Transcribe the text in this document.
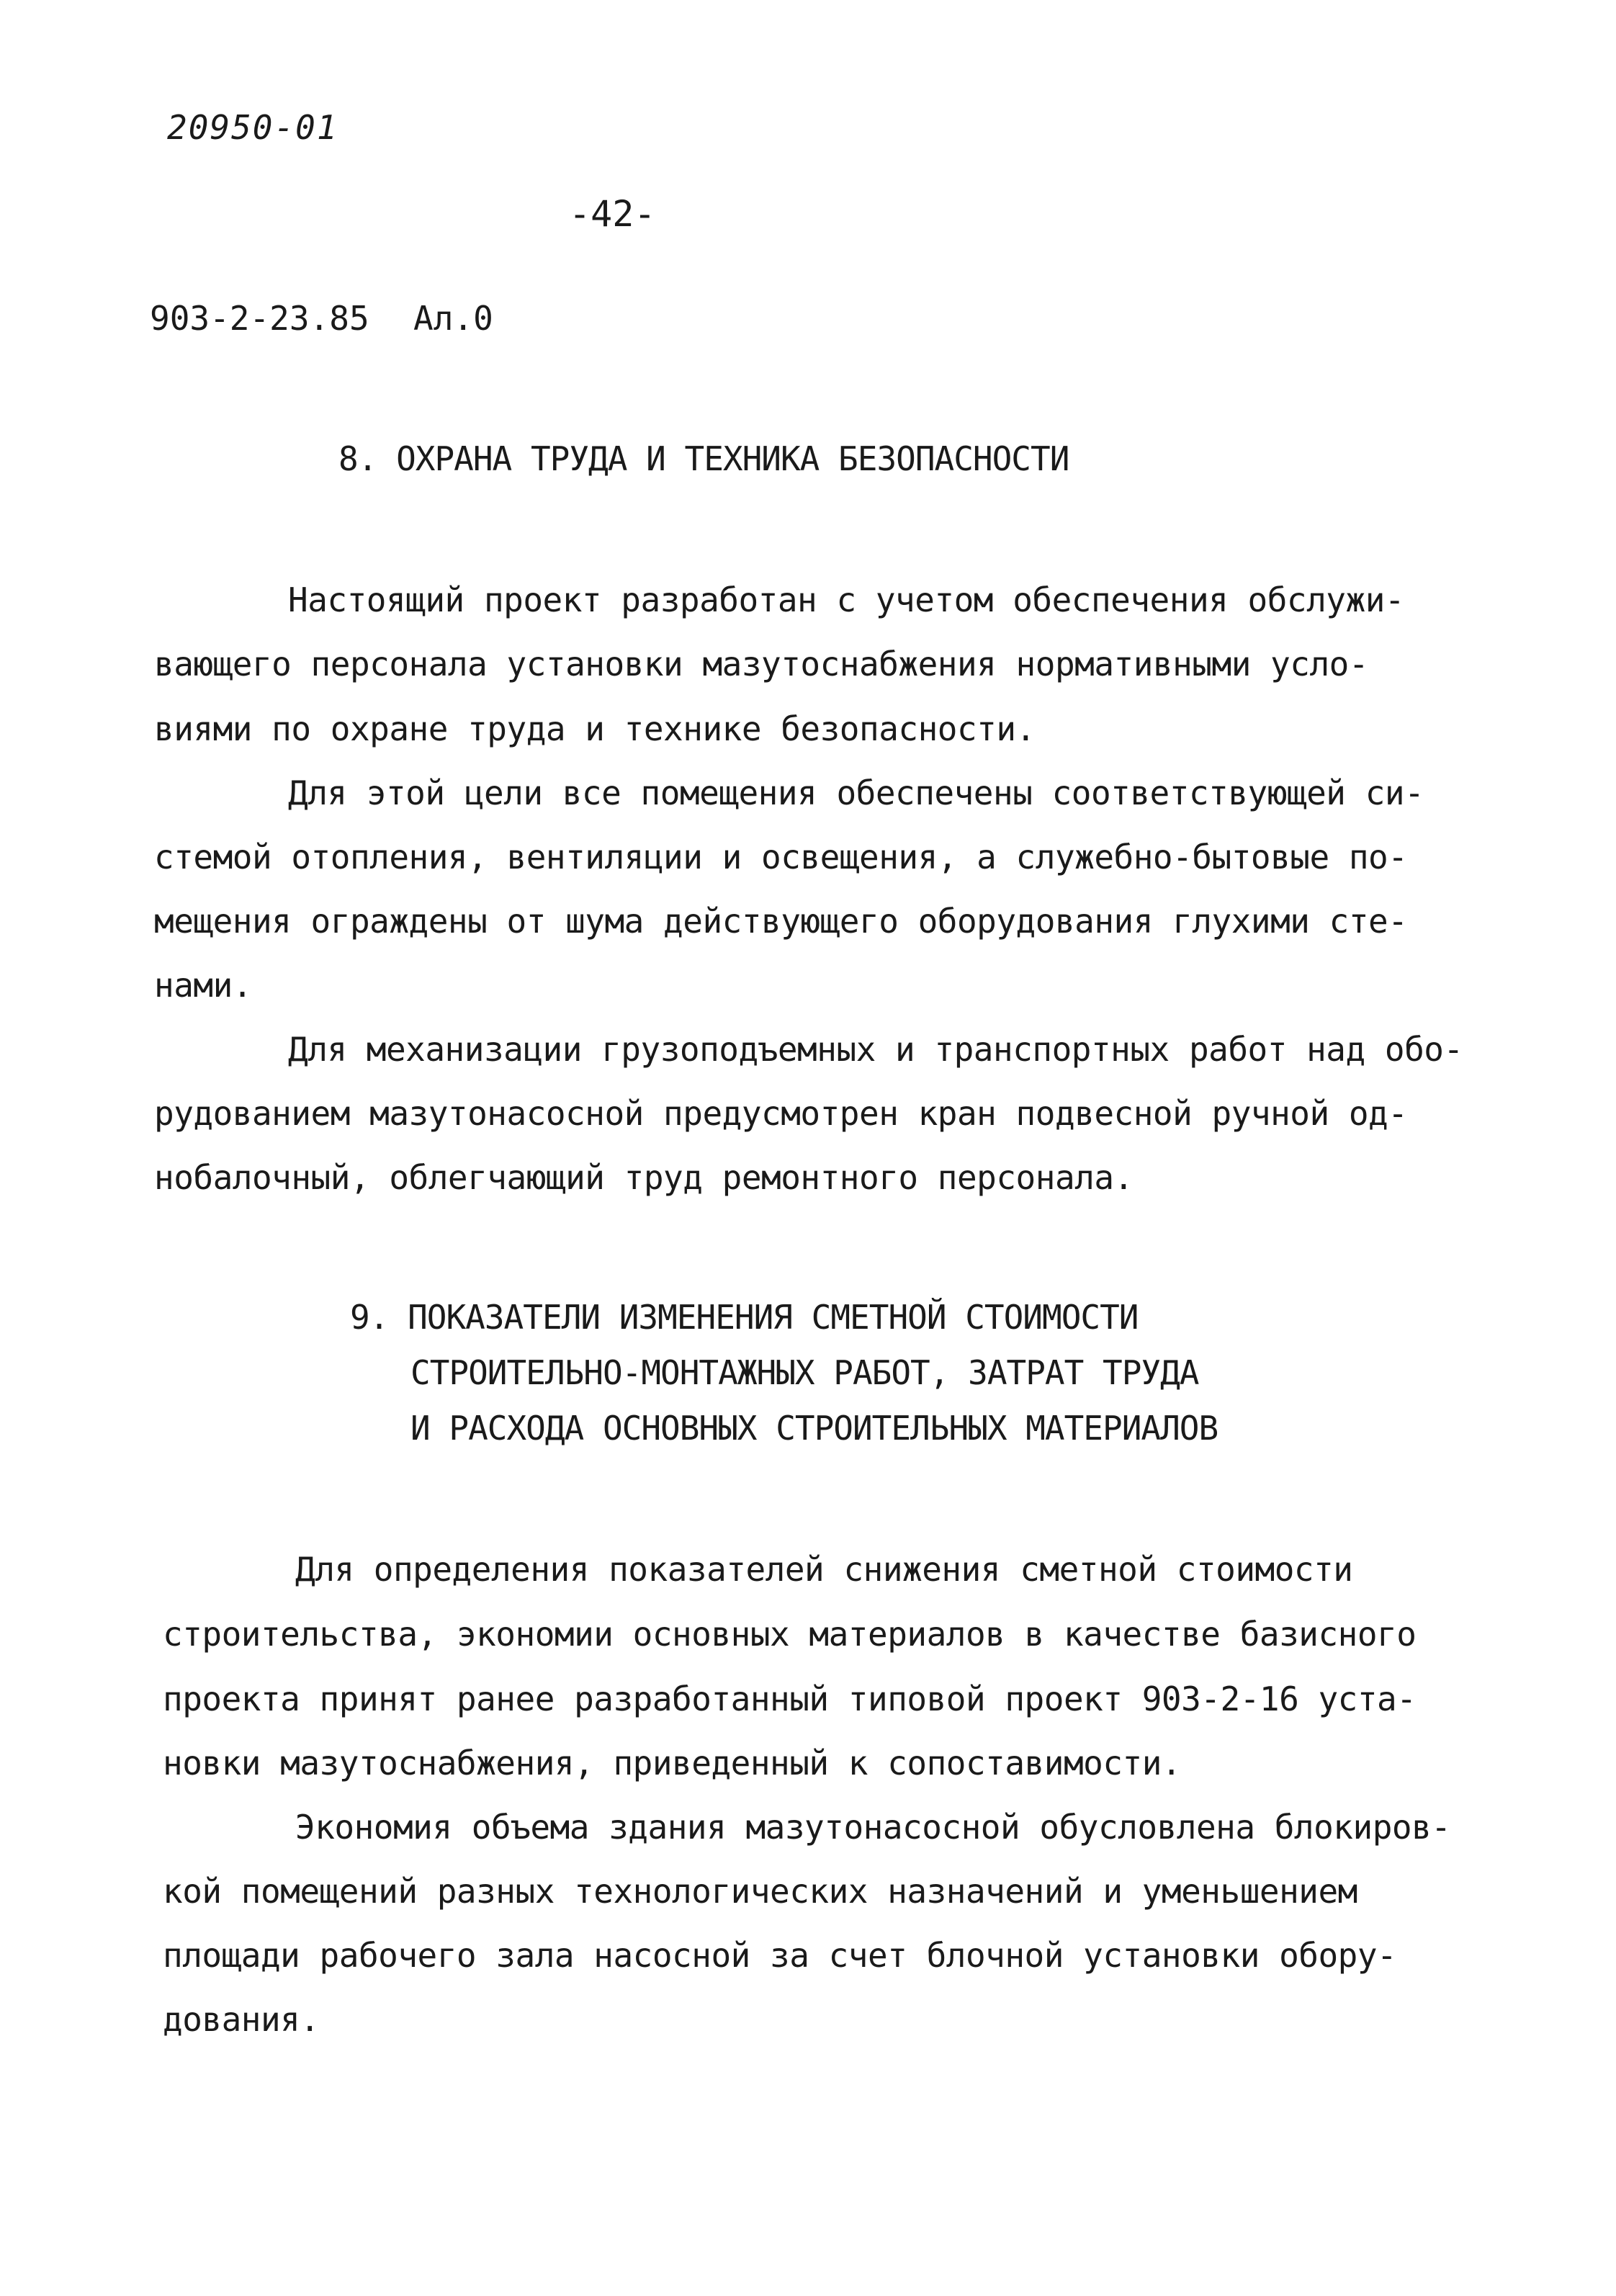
20950-01
-42-
903-2-23.85 Ал.0
8. ОХРАНА ТРУДА И ТЕХНИКА БЕЗОПАСНОСТИ
Настоящий проект разработан с учетом обеспечения обслужи-
вающего персонала установки мазутоснабжения нормативными усло-
виями по охране труда и технике безопасности.
Для этой цели все помещения обеспечены соответствующей си-
стемой отопления, вентиляции и освещения, а служебно-бытовые по-
мещения ограждены от шума действующего оборудования глухими сте-
нами.
Для механизации грузоподъемных и транспортных работ над обо-
рудованием мазутонасосной предусмотрен кран подвесной ручной од-
нобалочный, облегчающий труд ремонтного персонала.
9. ПОКАЗАТЕЛИ ИЗМЕНЕНИЯ СМЕТНОЙ СТОИМОСТИ
СТРОИТЕЛЬНО-МОНТАЖНЫХ РАБОТ, ЗАТРАТ ТРУДА
И РАСХОДА ОСНОВНЫХ СТРОИТЕЛЬНЫХ МАТЕРИАЛОВ
Для определения показателей снижения сметной стоимости
строительства, экономии основных материалов в качестве базисного
проекта принят ранее разработанный типовой проект 903-2-16 уста-
новки мазутоснабжения, приведенный к сопоставимости.
Экономия объема здания мазутонасосной обусловлена блокиров-
кой помещений разных технологических назначений и уменьшением
площади рабочего зала насосной за счет блочной установки обору-
дования.
